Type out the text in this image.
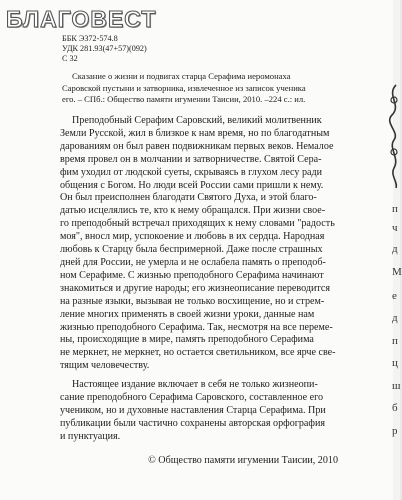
БЛАГОВЕСТ
ББК Э372-574.8
УДК 281.93(47+57)(092)
С 32
Сказание о жизни и подвигах старца Серафима иеромонаха
Саровской пустыни и затворника, извлеченное из записок ученика
его. – СПб.: Общество памяти игумении Таисии, 2010. –224 с.: ил.
Преподобный Серафим Саровский, великий молитвенник
Земли Русской, жил в близкое к нам время, но по благодатным
дарованиям он был равен подвижникам первых веков. Немалое
время провел он в молчании и затворничестве. Святой Сера-
фим уходил от людской суеты, скрываясь в глухом лесу ради
общения с Богом. Но люди всей России сами пришли к нему.
Он был преисполнен благодати Святого Духа, и этой благо-
датью исцелялись те, кто к нему обращался. При жизни свое-
го преподобный встречал приходящих к нему словами "радость
моя", вносл мир, успокоение и любовь в их сердца. Народная
любовь к Старцу была беспримерной. Даже после страшных
дней для России, не умерла и не ослабела память о преподоб-
ном Серафиме. С жизнью преподобного Серафима начинают
знакомиться и другие народы; его жизнеописание переводится
на разные языки, вызывая не только восхищение, но и стрем-
ление многих применять в своей жизни уроки, данные нам
жизнью преподобного Серафима. Так, несмотря на все переме-
ны, происходящие в мире, память преподобного Серафима
не меркнет, не меркнет, но остается светильником, все ярче све-
тящим человечеству.
Настоящее издание включает в себя не только жизнеопи-
сание преподобного Серафима Саровского, составленное его
учеником, но и духовные наставления Старца Серафима. При
публикации были частично сохранены авторская орфография
и пунктуация.
© Общество памяти игумении Таисии, 2010
п
ч
д
М
е
д
п
ц
ш
б
р
